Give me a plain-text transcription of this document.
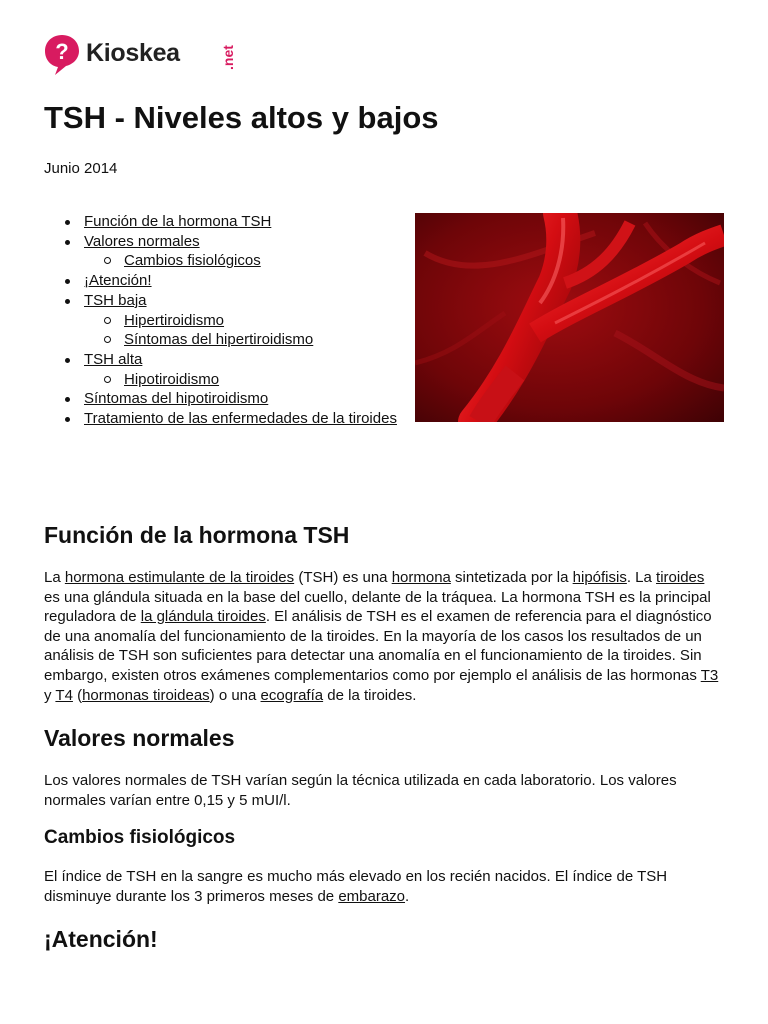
? Kioskea	.net
TSH - Niveles altos y bajos
Junio 2014
Función de la hormona TSH
Valores normales
Cambios fisiológicos
¡Atención!
TSH baja
Hipertiroidismo
Síntomas del hipertiroidismo
TSH alta
Hipotiroidismo
Síntomas del hipotiroidismo
Tratamiento de las enfermedades de la tiroides
Función de la hormona TSH

La hormona estimulante de la tiroides (TSH) es una hormona sintetizada por la hipófisis. La tiroides es una glándula situada en la base del cuello, delante de la tráquea. La hormona TSH es la principal reguladora de la glándula tiroides. El análisis de TSH es el examen de referencia para el diagnóstico de una anomalía del funcionamiento de la tiroides. En la mayoría de los casos los resultados de un análisis de TSH son suficientes para detectar una anomalía en el funcionamiento de la tiroides. Sin embargo, existen otros exámenes complementarios como por ejemplo el análisis de las hormonas T3 y T4 (hormonas tiroideas) o una ecografía de la tiroides.

Valores normales

Los valores normales de TSH varían según la técnica utilizada en cada laboratorio. Los valores normales varían entre 0,15 y 5 mUI/l.

Cambios fisiológicos

El índice de TSH en la sangre es mucho más elevado en los recién nacidos. El índice de TSH disminuye durante los 3 primeros meses de embarazo.

¡Atención!
